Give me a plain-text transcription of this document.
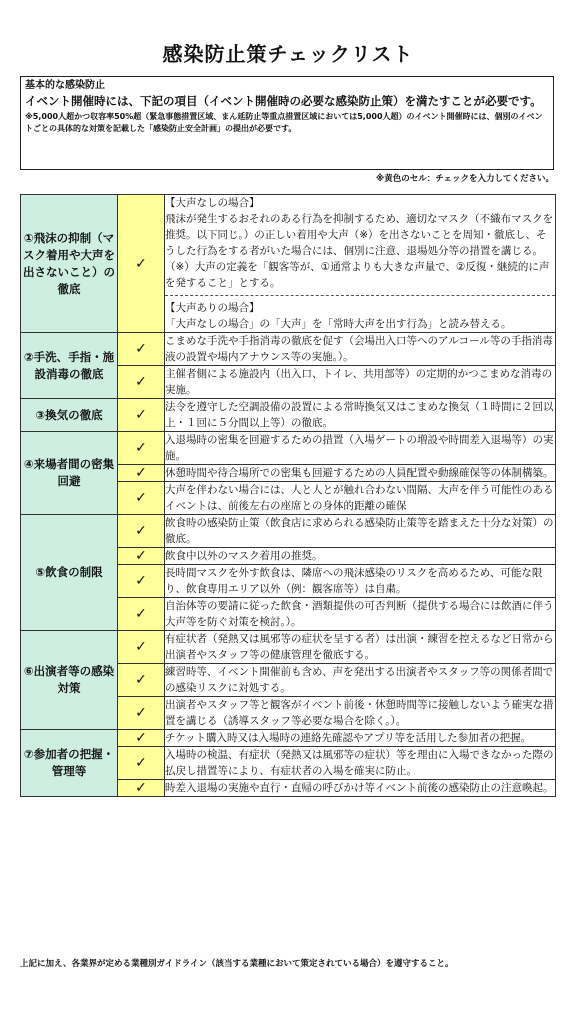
感染防止策チェックリスト
基本的な感染防止
イベント開催時には、下記の項目（イベント開催時の必要な感染防止策）を満たすことが必要です。
※5,000人超かつ収容率50%超（緊急事態措置区域、まん延防止等重点措置区域においては5,000人超）のイベント開催時には、個別のイベントごとの具体的な対策を記載した「感染防止安全計画」の提出が必要です。
※黄色のセル：チェックを入力してください。
①飛沫の抑制（マスク着用や大声を出さないこと）の徹底	✓	【大声なしの場合】
飛沫が発生するおそれのある行為を抑制するため、適切なマスク（不織布マスクを推奨。以下同じ。）の正しい着用や大声（※）を出さないことを周知・徹底し、そうした行為をする者がいた場合には、個別に注意、退場処分等の措置を講じる。
（※）大声の定義を「観客等が、①通常よりも大きな声量で、②反復・継続的に声を発すること」とする。
【大声ありの場合】
「大声なしの場合」の「大声」を「常時大声を出す行為」と読み替える。

②手洗、手指・施設消毒の徹底	✓	こまめな手洗や手指消毒の徹底を促す（会場出入口等へのアルコール等の手指消毒液の設置や場内アナウンス等の実施。）。

	✓	主催者側による施設内（出入口、トイレ、共用部等）の定期的かつこまめな消毒の実施。

③換気の徹底	✓	法令を遵守した空調設備の設置による常時換気又はこまめな換気（１時間に２回以上・１回に５分間以上等）の徹底。

④来場者間の密集回避	✓	入退場時の密集を回避するための措置（入場ゲートの増設や時間差入退場等）の実施。

	✓	休憩時間や待合場所での密集も回避するための人員配置や動線確保等の体制構築。

	✓	大声を伴わない場合には、人と人とが触れ合わない間隔、大声を伴う可能性のあるイベントは、前後左右の座席との身体的距離の確保

⑤飲食の制限	✓	飲食時の感染防止策（飲食店に求められる感染防止策等を踏まえた十分な対策）の徹底。

	✓	飲食中以外のマスク着用の推奨。

	✓	長時間マスクを外す飲食は、隣席への飛沫感染のリスクを高めるため、可能な限り、飲食専用エリア以外（例：観客席等）は自粛。

	✓	自治体等の要請に従った飲食・酒類提供の可否判断（提供する場合には飲酒に伴う大声等を防ぐ対策を検討。）。

⑥出演者等の感染対策	✓	有症状者（発熱又は風邪等の症状を呈する者）は出演・練習を控えるなど日常から出演者やスタッフ等の健康管理を徹底する。

	✓	練習時等、イベント開催前も含め、声を発出する出演者やスタッフ等の関係者間での感染リスクに対処する。

	✓	出演者やスタッフ等と観客がイベント前後・休憩時間等に接触しないよう確実な措置を講じる（誘導スタッフ等必要な場合を除く。）。

⑦参加者の把握・管理等	✓	チケット購入時又は入場時の連絡先確認やアプリ等を活用した参加者の把握。

	✓	入場時の検温、有症状（発熱又は風邪等の症状）等を理由に入場できなかった際の払戻し措置等により、有症状者の入場を確実に防止。

	✓	時差入退場の実施や直行・直帰の呼びかけ等イベント前後の感染防止の注意喚起。
上記に加え、各業界が定める業種別ガイドライン（該当する業種において策定されている場合）を遵守すること。
